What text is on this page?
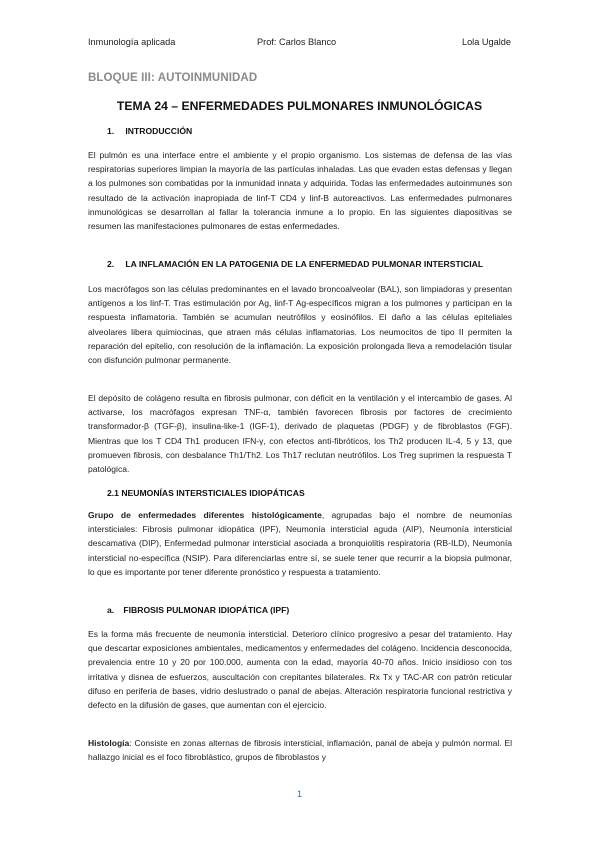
Inmunología aplicada	Prof: Carlos Blanco	Lola Ugalde
BLOQUE III: AUTOINMUNIDAD
TEMA 24 – ENFERMEDADES PULMONARES INMUNOLÓGICAS
1. INTRODUCCIÓN
El pulmón es una interface entre el ambiente y el propio organismo. Los sistemas de defensa de las vías respiratorias superiores limpian la mayoría de las partículas inhaladas. Las que evaden estas defensas y llegan a los pulmones son combatidas por la inmunidad innata y adquirida. Todas las enfermedades autoinmunes son resultado de la activación inapropiada de linf-T CD4 y linf-B autoreactivos. Las enfermedades pulmonares inmunológicas se desarrollan al fallar la tolerancia inmune a lo propio. En las siguientes diapositivas se resumen las manifestaciones pulmonares de estas enfermedades.
2. LA INFLAMACIÓN EN LA PATOGENIA DE LA ENFERMEDAD PULMONAR INTERSTICIAL
Los macrófagos son las células predominantes en el lavado broncoalveolar (BAL), son limpiadoras y presentan antígenos a los linf-T. Tras estimulación por Ag, linf-T Ag-específicos migran a los pulmones y participan en la respuesta inflamatoria. También se acumulan neutrófilos y eosinófilos. El daño a las células epiteliales alveolares libera quimiocinas, que atraen más células inflamatorias. Los neumocitos de tipo II permiten la reparación del epitelio, con resolución de la inflamación. La exposición prolongada lleva a remodelación tisular con disfunción pulmonar permanente.
El depósito de colágeno resulta en fibrosis pulmonar, con déficit en la ventilación y el intercambio de gases. Al activarse, los macrófagos expresan TNF-α, también favorecen fibrosis por factores de crecimiento transformador-β (TGF-β), insulina-like-1 (IGF-1), derivado de plaquetas (PDGF) y de fibroblastos (FGF). Mientras que los T CD4 Th1 producen IFN-γ, con efectos anti-fibróticos, los Th2 producen IL-4, 5 y 13, que promueven fibrosis, con desbalance Th1/Th2. Los Th17 reclutan neutrófilos. Los Treg suprimen la respuesta T patológica.
2.1 NEUMONÍAS INTERSTICIALES IDIOPÁTICAS
Grupo de enfermedades diferentes histológicamente, agrupadas bajo el nombre de neumonías intersticiales: Fibrosis pulmonar idiopática (IPF), Neumonía intersticial aguda (AIP), Neumonía intersticial descamativa (DIP), Enfermedad pulmonar intersticial asociada a bronquiolitis respiratoria (RB-ILD), Neumonía intersticial no-específica (NSIP). Para diferenciarlas entre sí, se suele tener que recurrir a la biopsia pulmonar, lo que es importante por tener diferente pronóstico y respuesta a tratamiento.
a. FIBROSIS PULMONAR IDIOPÁTICA (IPF)
Es la forma más frecuente de neumonía intersticial. Deterioro clínico progresivo a pesar del tratamiento. Hay que descartar exposiciones ambientales, medicamentos y enfermedades del colágeno. Incidencia desconocida, prevalencia entre 10 y 20 por 100.000, aumenta con la edad, mayoría 40-70 años. Inicio insidioso con tos irritativa y disnea de esfuerzos, auscultación con crepitantes bilaterales. Rx Tx y TAC-AR con patrón reticular difuso en periferia de bases, vidrio deslustrado o panal de abejas. Alteración respiratoria funcional restrictiva y defecto en la difusión de gases, que aumentan con el ejercicio.
Histología: Consiste en zonas alternas de fibrosis intersticial, inflamación, panal de abeja y pulmón normal. El hallazgo inicial es el foco fibroblástico, grupos de fibroblastos y
1
